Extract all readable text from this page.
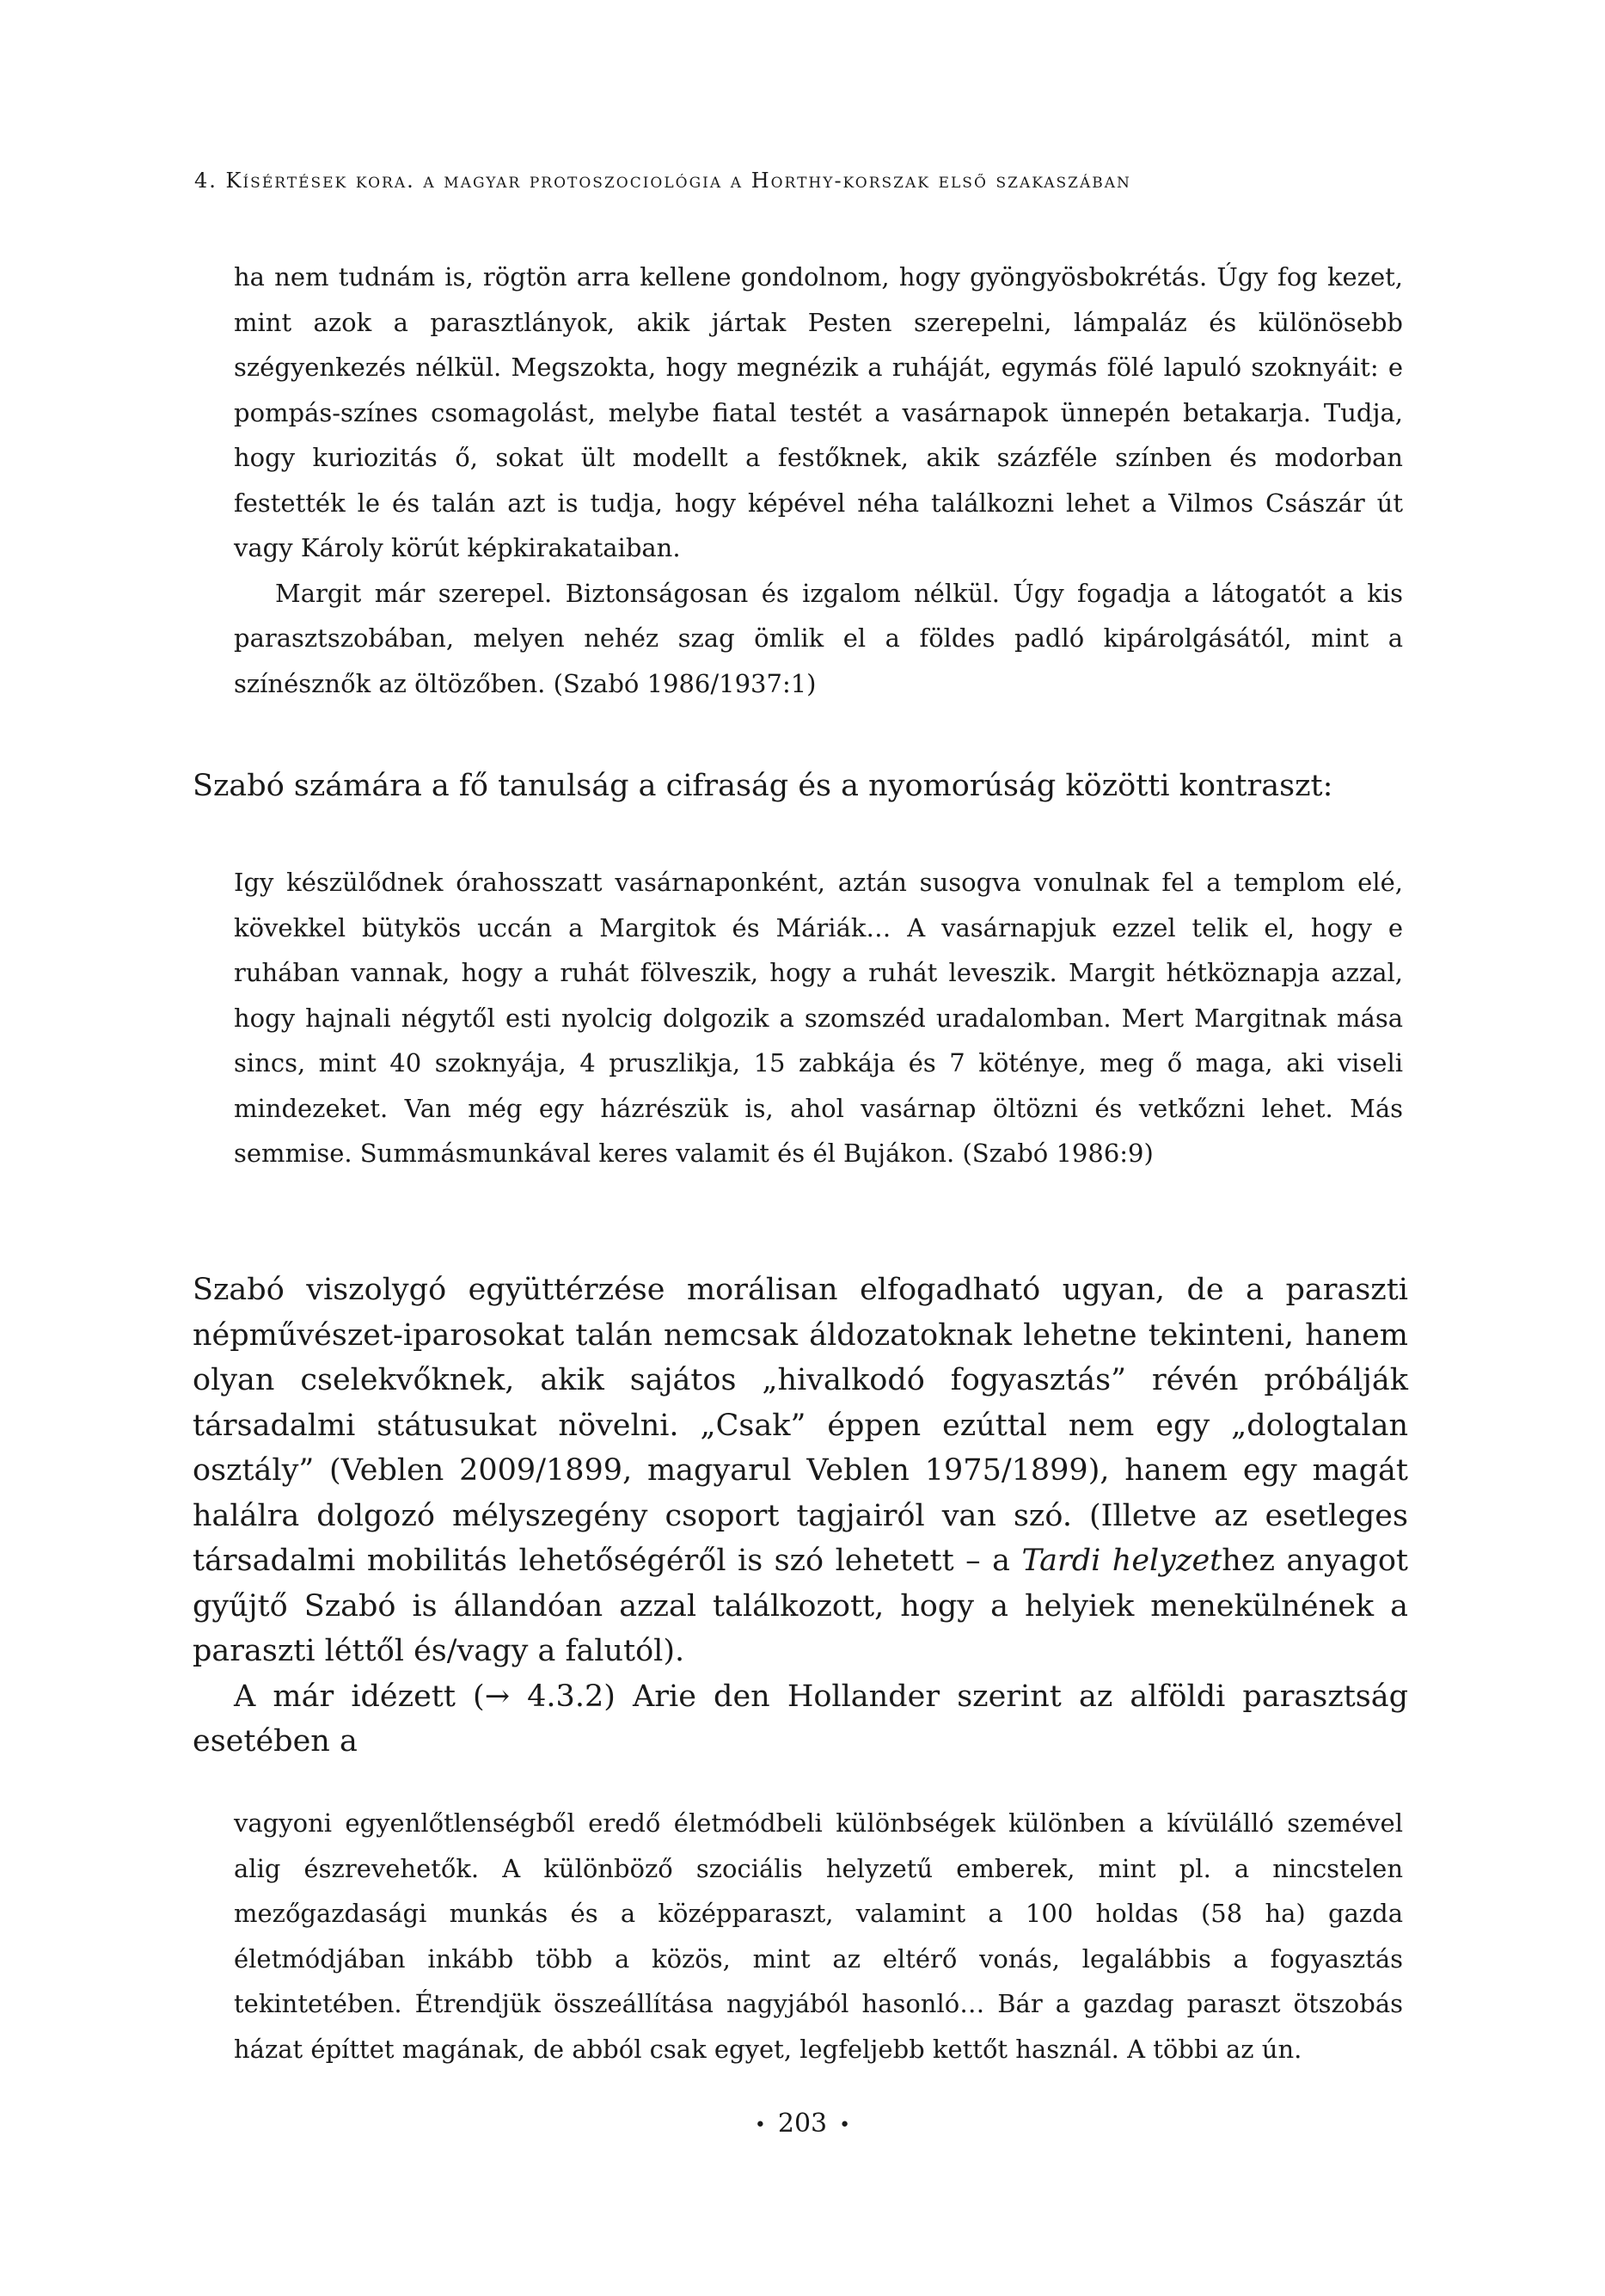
4. Kísértések kora. a magyar protoszociológia a Horthy-korszak első szakaszában

ha nem tudnám is, rögtön arra kellene gondolnom, hogy gyöngyösbokrétás. Úgy fog kezet, mint azok a parasztlányok, akik jártak Pesten szerepelni, lámpaláz és különösebb szégyenkezés nélkül. Megszokta, hogy megnézik a ruháját, egymás fölé lapuló szoknyáit: e pompás-színes csomagolást, melybe fiatal testét a vasárnapok ünnepén betakarja. Tudja, hogy kuriozitás ő, sokat ült modellt a festőknek, akik százféle színben és modorban festették le és talán azt is tudja, hogy képével néha találkozni lehet a Vilmos Császár út vagy Károly körút képkirakataiban.

Margit már szerepel. Biztonságosan és izgalom nélkül. Úgy fogadja a látogatót a kis parasztszobában, melyen nehéz szag ömlik el a földes padló kipárolgásától, mint a színésznők az öltözőben. (Szabó 1986/1937:1)

Szabó számára a fő tanulság a cifraság és a nyomorúság közötti kontraszt:

Igy készülődnek órahosszatt vasárnaponként, aztán susogva vonulnak fel a templom elé, kövekkel bütykös uccán a Margitok és Máriák… A vasárnapjuk ezzel telik el, hogy e ruhában vannak, hogy a ruhát fölveszik, hogy a ruhát leveszik. Margit hétköznapja azzal, hogy hajnali négytől esti nyolcig dolgozik a szomszéd uradalomban. Mert Margitnak mása sincs, mint 40 szoknyája, 4 pruszlikja, 15 zabkája és 7 kötényе, meg ő maga, aki viseli mindezeket. Van még egy házrészük is, ahol vasárnap öltözni és vetkőzni lehet. Más semmise. Summásmunkával keres valamit és él Bujákon. (Szabó 1986:9)

Szabó viszolygó együttérzése morálisan elfogadható ugyan, de a paraszti népművészet-iparosokat talán nemcsak áldozatoknak lehetne tekinteni, hanem olyan cselekvőknek, akik sajátos „hivalkodó fogyasztás” révén próbálják társadalmi státusukat növelni. „Csak” éppen ezúttal nem egy „dologtalan osztály” (Veblen 2009/1899, magyarul Veblen 1975/1899), hanem egy magát halálra dolgozó mélyszegény csoport tagjairól van szó. (Illetve az esetleges társadalmi mobilitás lehetőségéről is szó lehetett – a Tardi helyzethez anyagot gyűjtő Szabó is állandóan azzal találkozott, hogy a helyiek menekülnének a paraszti léttől és/vagy a falutól).

A már idézett (→ 4.3.2) Arie den Hollander szerint az alföldi parasztság esetében a

vagyoni egyenlőtlenségből eredő életmódbeli különbségek különben a kívülálló szemével alig észrevehetők. A különböző szociális helyzetű emberek, mint pl. a nincstelen mezőgazdasági munkás és a középparaszt, valamint a 100 holdas (58 ha) gazda életmódjában inkább több a közös, mint az eltérő vonás, legalábbis a fogyasztás tekintetében. Étrendjük összeállítása nagyjából hasonló… Bár a gazdag paraszt ötszobás házat építtet magának, de abból csak egyet, legfeljebb kettőt használ. A többi az ún.

• 203 •
